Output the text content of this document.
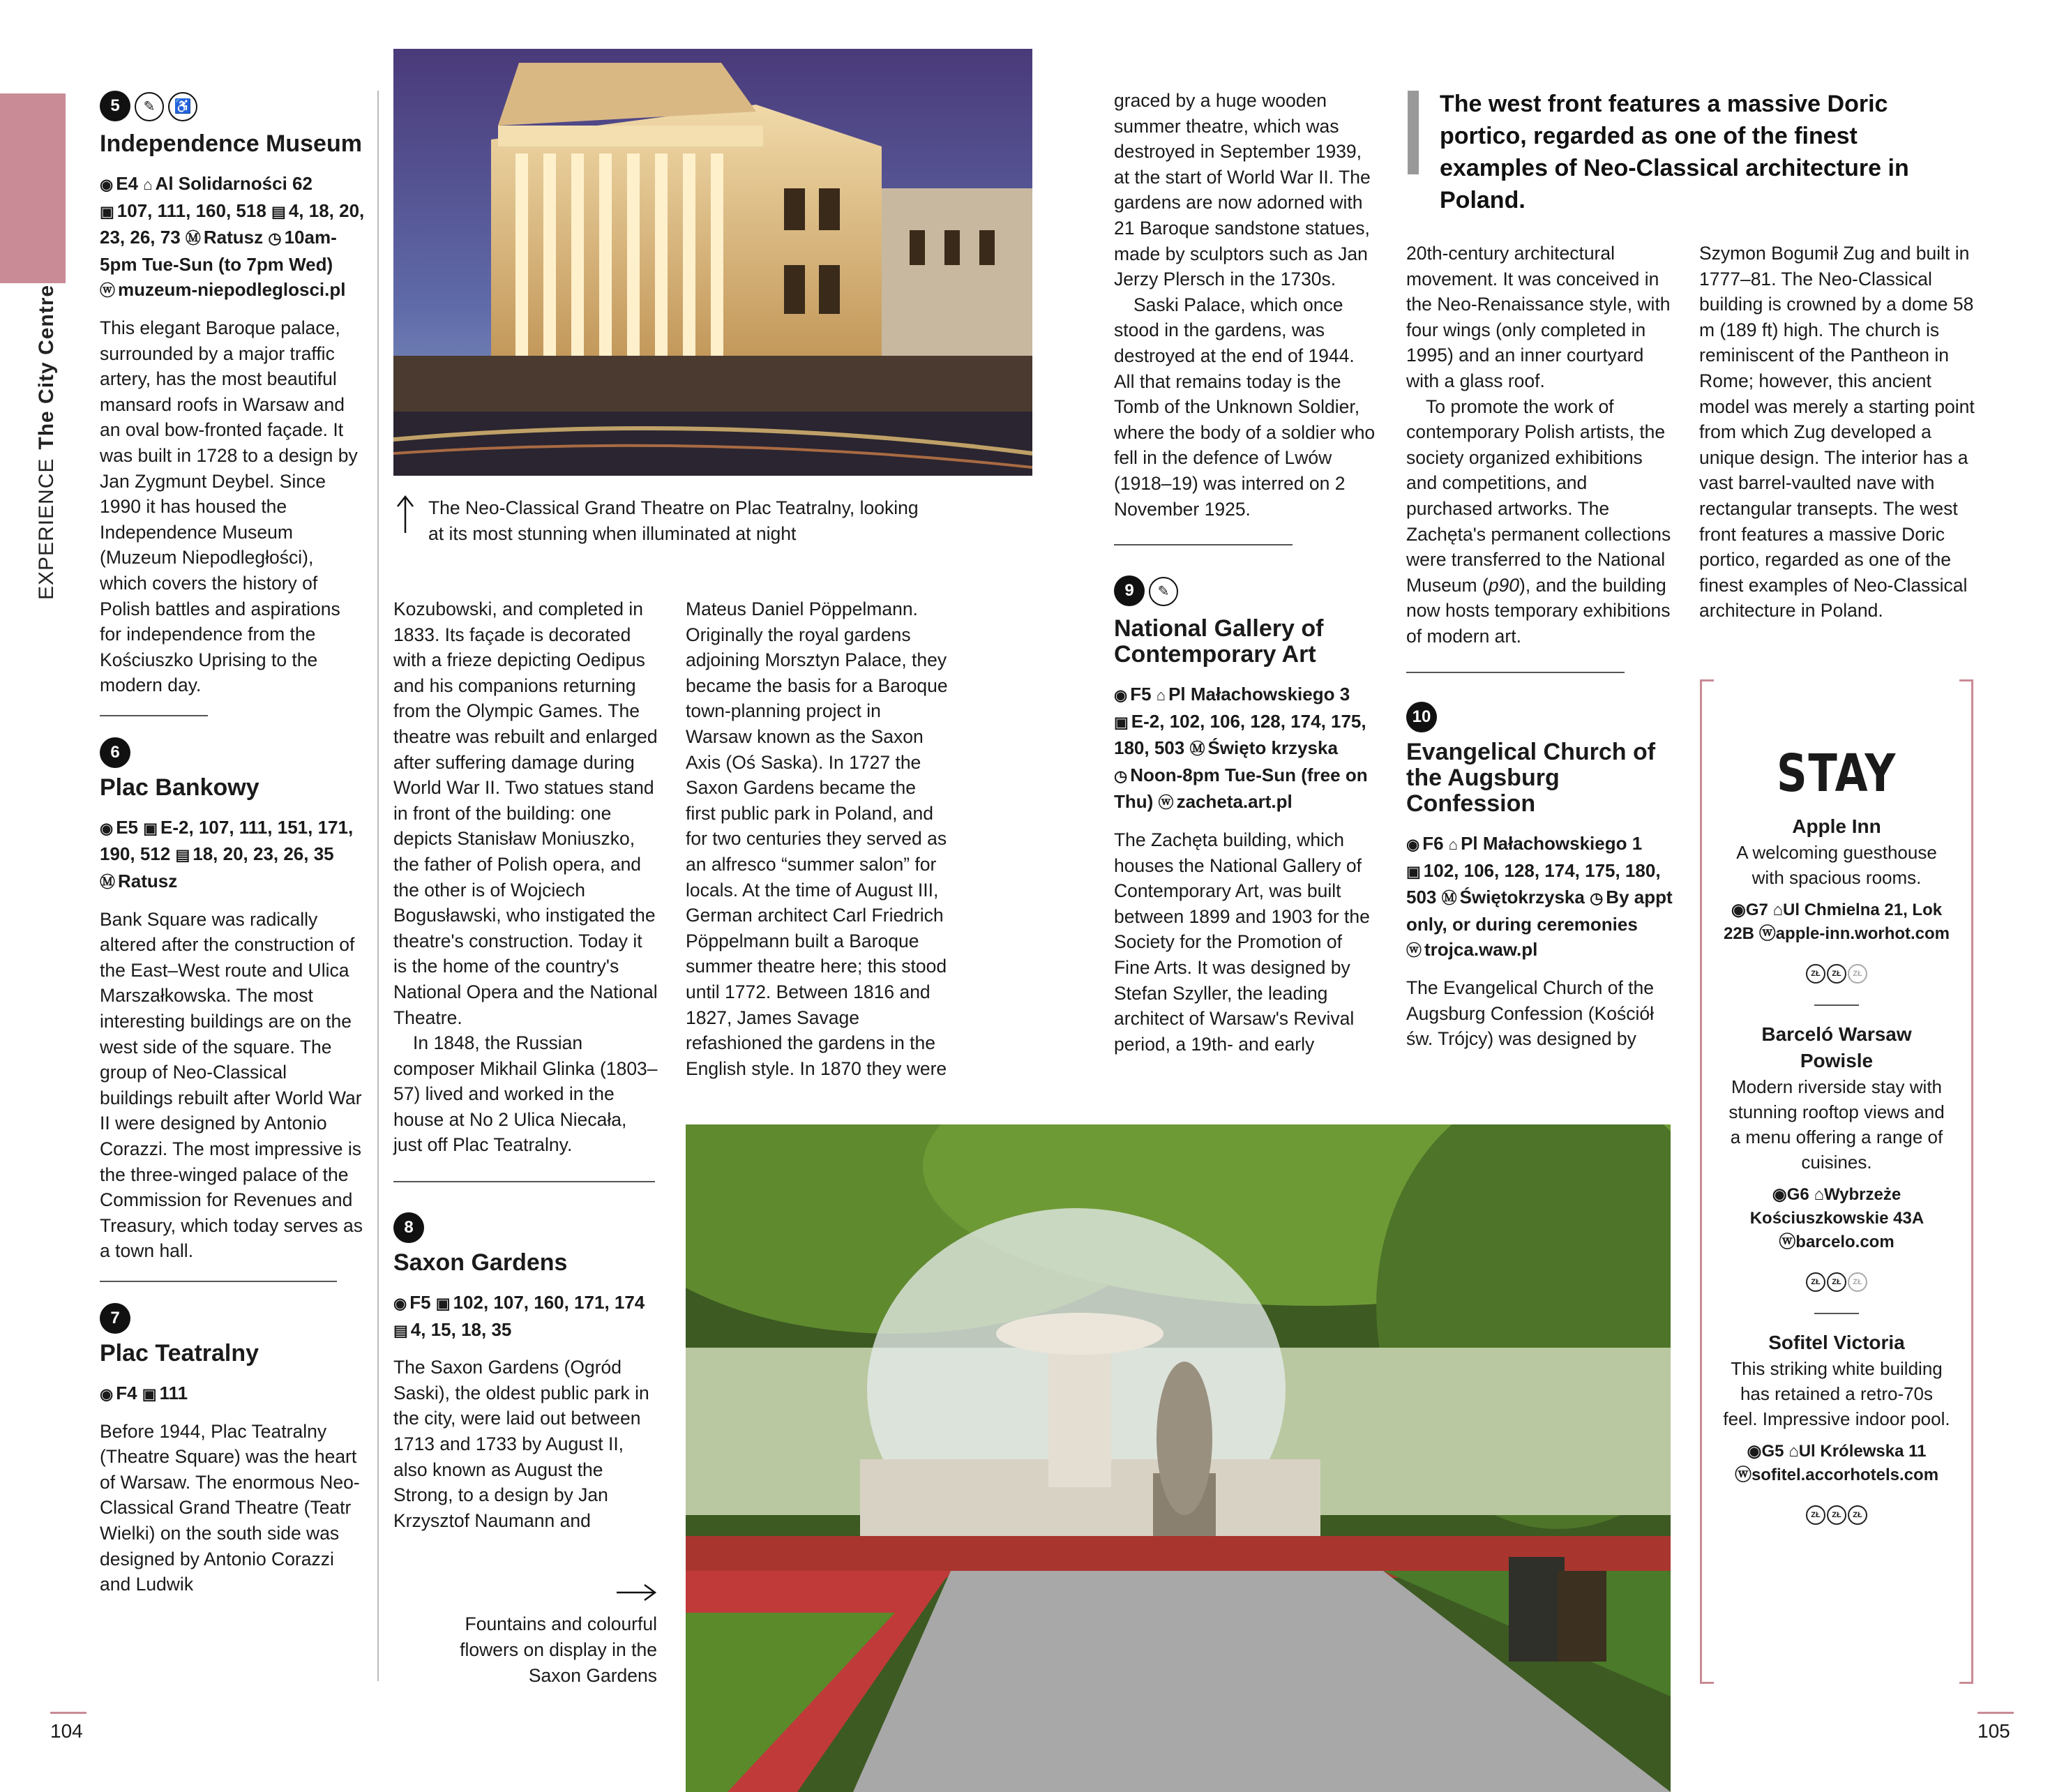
EXPERIENCEThe City Centre
5 ✎ ♿
Independence Museum
◉ E4 ⌂ Al Solidarności 62 ▣ 107, 111, 160, 518 ▤ 4, 18, 20, 23, 26, 73 Ⓜ Ratusz ◷ 10am-5pm Tue-Sun (to 7pm Wed) ⓦ muzeum-niepodleglosci.pl

This elegant Baroque palace, surrounded by a major traffic artery, has the most beautiful mansard roofs in Warsaw and an oval bow-fronted façade. It was built in 1728 to a design by Jan Zygmunt Deybel. Since 1990 it has housed the Independence Museum (Muzeum Niepodległości), which covers the history of Polish battles and aspirations for independence from the Kościuszko Uprising to the modern day.

6
Plac Bankowy
◉ E5 ▣ E-2, 107, 111, 151, 171, 190, 512 ▤ 18, 20, 23, 26, 35 Ⓜ Ratusz

Bank Square was radically altered after the construction of the East–West route and Ulica Marszałkowska. The most interesting buildings are on the west side of the square. The group of Neo-Classical buildings rebuilt after World War II were designed by Antonio Corazzi. The most impressive is the three-winged palace of the Commission for Revenues and Treasury, which today serves as a town hall.

7
Plac Teatralny
◉ F4 ▣ 111

Before 1944, Plac Teatralny (Theatre Square) was the heart of Warsaw. The enormous Neo-Classical Grand Theatre (Teatr Wielki) on the south side was designed by Antonio Corazzi and Ludwik

The Neo-Classical Grand Theatre on Plac Teatralny, looking at its most stunning when illuminated at night

Kozubowski, and completed in 1833. Its façade is decorated with a frieze depicting Oedipus and his companions returning from the Olympic Games. The theatre was rebuilt and enlarged after suffering damage during World War II. Two statues stand in front of the building: one depicts Stanisław Moniuszko, the father of Polish opera, and the other is of Wojciech Bogusławski, who instigated the theatre's construction. Today it is the home of the country's National Opera and the National Theatre.

In 1848, the Russian composer Mikhail Glinka (1803–57) lived and worked in the house at No 2 Ulica Niecała, just off Plac Teatralny.

8
Saxon Gardens
◉ F5 ▣ 102, 107, 160, 171, 174 ▤ 4, 15, 18, 35

The Saxon Gardens (Ogród Saski), the oldest public park in the city, were laid out between 1713 and 1733 by August II, also known as August the Strong, to a design by Jan Krzysztof Naumann and

Fountains and colourful flowers on display in the Saxon Gardens

Mateus Daniel Pöppelmann. Originally the royal gardens adjoining Morsztyn Palace, they became the basis for a Baroque town-planning project in Warsaw known as the Saxon Axis (Oś Saska). In 1727 the Saxon Gardens became the first public park in Poland, and for two centuries they served as an alfresco “summer salon” for locals. At the time of August III, German architect Carl Friedrich Pöppelmann built a Baroque summer theatre here; this stood until 1772. Between 1816 and 1827, James Savage refashioned the gardens in the English style. In 1870 they were

104

graced by a huge wooden summer theatre, which was destroyed in September 1939, at the start of World War II. The gardens are now adorned with 21 Baroque sandstone statues, made by sculptors such as Jan Jerzy Plersch in the 1730s.

Saski Palace, which once stood in the gardens, was destroyed at the end of 1944. All that remains today is the Tomb of the Unknown Soldier, where the body of a soldier who fell in the defence of Lwów (1918–19) was interred on 2 November 1925.

9 ✎
National Gallery of Contemporary Art
◉ F5 ⌂ Pl Małachowskiego 3 ▣ E-2, 102, 106, 128, 174, 175, 180, 503 Ⓜ Święto krzyska ◷ Noon-8pm Tue-Sun (free on Thu) ⓦ zacheta.art.pl

The Zachęta building, which houses the National Gallery of Contemporary Art, was built between 1899 and 1903 for the Society for the Promotion of Fine Arts. It was designed by Stefan Szyller, the leading architect of Warsaw's Revival period, a 19th- and early

The west front features a massive Doric portico, regarded as one of the finest examples of Neo-Classical architecture in Poland.

20th-century architectural movement. It was conceived in the Neo-Renaissance style, with four wings (only completed in 1995) and an inner courtyard with a glass roof.

To promote the work of contemporary Polish artists, the society organized exhibitions and competitions, and purchased artworks. The Zachęta's permanent collections were transferred to the National Museum (p90), and the building now hosts temporary exhibitions of modern art.

10
Evangelical Church of the Augsburg Confession
◉ F6 ⌂ Pl Małachowskiego 1 ▣ 102, 106, 128, 174, 175, 180, 503 Ⓜ Świętokrzyska ◷ By appt only, or during ceremonies ⓦ trojca.waw.pl

The Evangelical Church of the Augsburg Confession (Kościół św. Trójcy) was designed by

Szymon Bogumił Zug and built in 1777–81. The Neo-Classical building is crowned by a dome 58 m (189 ft) high. The church is reminiscent of the Pantheon in Rome; however, this ancient model was merely a starting point from which Zug developed a unique design. The interior has a vast barrel-vaulted nave with rectangular transepts. The west front features a massive Doric portico, regarded as one of the finest examples of Neo-Classical architecture in Poland.

STAY
Apple Inn
A welcoming guesthouse with spacious rooms.
◉G7 ⌂Ul Chmielna 21, Lok 22B ⓦapple-inn.worhot.com
ZŁ ZŁ ZŁ
Barceló Warsaw Powisle
Modern riverside stay with stunning rooftop views and a menu offering a range of cuisines.
◉G6 ⌂Wybrzeże Kościuszkowskie 43A ⓦbarcelo.com
ZŁ ZŁ ZŁ
Sofitel Victoria
This striking white building has retained a retro-70s feel. Impressive indoor pool.
◉G5 ⌂Ul Królewska 11 ⓦsofitel.accorhotels.com
ZŁ ZŁ ZŁ
105
